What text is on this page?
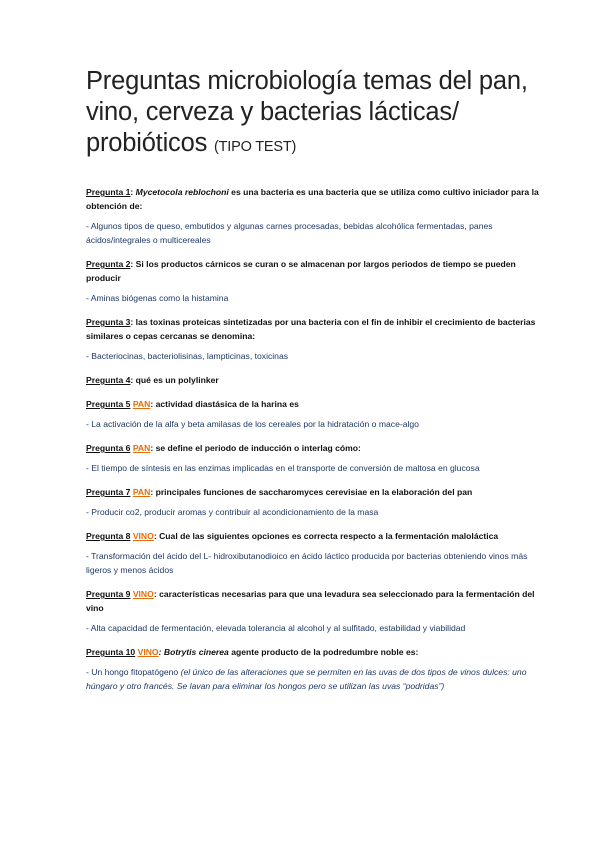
Preguntas microbiología temas del pan, vino, cerveza y bacterias lácticas/ probióticos (TIPO TEST)

Pregunta 1: Mycetocola reblochoni es una bacteria es una bacteria que se utiliza como cultivo iniciador para la obtención de:

- Algunos tipos de queso, embutidos y algunas carnes procesadas, bebidas alcohólica fermentadas, panes ácidos/integrales o multicereales

Pregunta 2: Si los productos cárnicos se curan o se almacenan por largos periodos de tiempo se pueden producir

- Aminas biógenas como la histamina

Pregunta 3: las toxinas proteicas sintetizadas por una bacteria con el fin de inhibir el crecimiento de bacterias similares o cepas cercanas se denomina:

- Bacteriocinas, bacteriolisinas, lampticinas, toxicinas

Pregunta 4: qué es un polylinker

Pregunta 5 PAN: actividad diastásica de la harina es

- La activación de la alfa y beta amilasas de los cereales por la hidratación o mace-algo

Pregunta 6 PAN: se define el periodo de inducción o interlag cómo:

- El tiempo de síntesis en las enzimas implicadas en el transporte de conversión de maltosa en glucosa

Pregunta 7 PAN: principales funciones de saccharomyces cerevisiae en la elaboración del pan

- Producir co2, producir aromas y contribuir al acondicionamiento de la masa

Pregunta 8 VINO: Cual de las siguientes opciones es correcta respecto a la fermentación maloláctica

- Transformación del ácido del L- hidroxibutanodioico en ácido láctico producida por bacterias obteniendo vinos más ligeros y menos ácidos

Pregunta 9 VINO: características necesarias para que una levadura sea seleccionado para la fermentación del vino

- Alta capacidad de fermentación, elevada tolerancia al alcohol y al sulfitado, estabilidad y viabilidad

Pregunta 10 VINO: Botrytis cinerea agente producto de la podredumbre noble es:

- Un hongo fitopatógeno (el único de las alteraciones que se permiten en las uvas de dos tipos de vinos dulces: uno húngaro y otro francés. Se lavan para eliminar los hongos pero se utilizan las uvas “podridas”)
